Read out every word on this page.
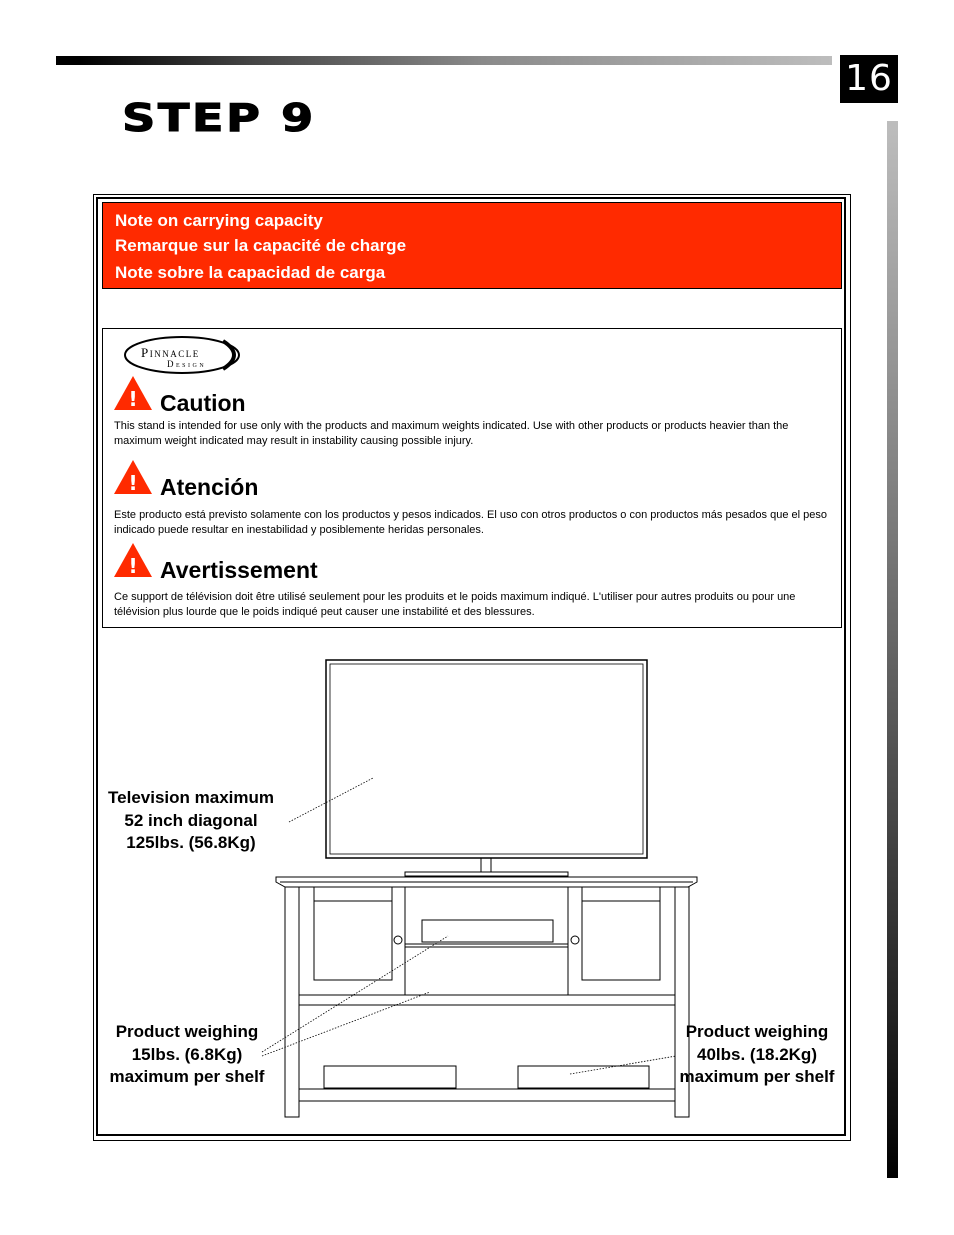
16
STEP 9
Note on carrying capacity
Remarque sur la capacité de charge
Note sobre la capacidad de carga
Pinnacle
Design
! Caution
This stand is intended for use only with the products and maximum weights indicated. Use with other products or products heavier than the maximum weight indicated may result in instability causing possible injury.
! Atención
Este producto está previsto solamente con los productos y pesos indicados. El uso con otros productos o con productos más pesados que el peso indicado puede resultar en inestabilidad y posiblemente heridas personales.
! Avertissement
Ce support de télévision doit être utilisé seulement pour les produits et le poids maximum indiqué. L'utiliser pour autres produits ou pour une télévision plus lourde que le poids indiqué peut causer une instabilité et des blessures.
Television maximum
52 inch diagonal
125lbs. (56.8Kg)
Product weighing
15lbs. (6.8Kg)
maximum per shelf
Product weighing
40lbs. (18.2Kg)
maximum per shelf
